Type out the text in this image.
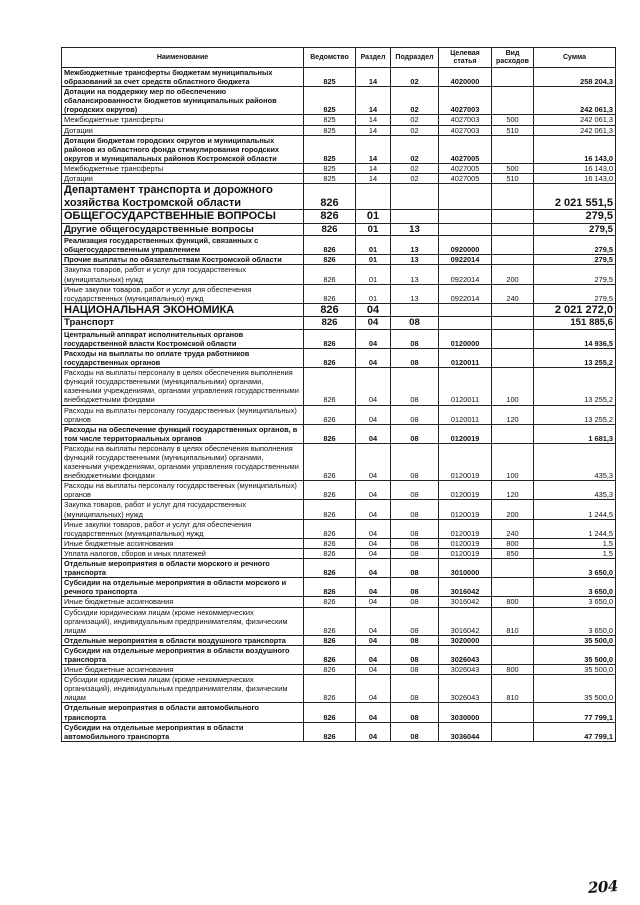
Наименование	Ведомство	Раздел	Подраздел	Целевая статья	Вид расходов	Сумма
Межбюджетные трансферты бюджетам муниципальных образований за счет средств областного бюджета	825	14	02	4020000		258 204,3
Дотации на поддержку мер по обеспечению сбалансированности бюджетов муниципальных районов (городских округов)	825	14	02	4027003		242 061,3
Межбюджетные трансферты	825	14	02	4027003	500	242 061,3
Дотации	825	14	02	4027003	510	242 061,3
Дотации бюджетам городских округов и муниципальных районов из областного фонда стимулирования городских округов и муниципальных районов Костромской области	825	14	02	4027005		16 143,0
Межбюджетные трансферты	825	14	02	4027005	500	16 143,0
Дотации	825	14	02	4027005	510	16 143,0
Департамент транспорта и дорожного хозяйства Костромской области	826					2 021 551,5
ОБЩЕГОСУДАРСТВЕННЫЕ ВОПРОСЫ	826	01				279,5
Другие общегосударственные вопросы	826	01	13			279,5
Реализация государственных функций, связанных с общегосударственным управлением	826	01	13	0920000		279,5
Прочие выплаты по обязательствам Костромской области	826	01	13	0922014		279,5
Закупка товаров, работ и услуг для государственных (муниципальных) нужд	826	01	13	0922014	200	279,5
Иные закупки товаров, работ и услуг для обеспечения государственных (муниципальных) нужд	826	01	13	0922014	240	279,5
НАЦИОНАЛЬНАЯ ЭКОНОМИКА	826	04				2 021 272,0
Транспорт	826	04	08			151 885,6
Центральный аппарат исполнительных органов государственной власти Костромской области	826	04	08	0120000		14 936,5
Расходы на выплаты по оплате труда работников государственных органов	826	04	08	0120011		13 255,2
Расходы на выплаты персоналу в целях обеспечения выполнения функций государственными (муниципальными) органами, казенными учреждениями, органами управления государственными внебюджетными фондами	826	04	08	0120011	100	13 255,2
Расходы на выплаты персоналу государственных (муниципальных) органов	826	04	08	0120011	120	13 255,2
Расходы на обеспечение функций государственных органов, в том числе территориальных органов	826	04	08	0120019		1 681,3
Расходы на выплаты персоналу в целях обеспечения выполнения функций государственными (муниципальными) органами, казенными учреждениями, органами управления государственными внебюджетными фондами	826	04	08	0120019	100	435,3
Расходы на выплаты персоналу государственных (муниципальных) органов	826	04	08	0120019	120	435,3
Закупка товаров, работ и услуг для государственных (муниципальных) нужд	826	04	08	0120019	200	1 244,5
Иные закупки товаров, работ и услуг для обеспечения государственных (муниципальных) нужд	826	04	08	0120019	240	1 244,5
Иные бюджетные ассигнования	826	04	08	0120019	800	1,5
Уплата налогов, сборов и иных платежей	826	04	08	0120019	850	1,5
Отдельные мероприятия в области морского и речного транспорта	826	04	08	3010000		3 650,0
Субсидии на отдельные мероприятия в области морского и речного транспорта	826	04	08	3016042		3 650,0
Иные бюджетные ассигнования	826	04	08	3016042	800	3 650,0
Субсидии юридическим лицам (кроме некоммерческих организаций), индивидуальным предпринимателям, физическим лицам	826	04	08	3016042	810	3 650,0
Отдельные мероприятия в области воздушного транспорта	826	04	08	3020000		35 500,0
Субсидии на отдельные мероприятия в области воздушного транспорта	826	04	08	3026043		35 500,0
Иные бюджетные ассигнования	826	04	08	3026043	800	35 500,0
Субсидии юридическим лицам (кроме некоммерческих организаций), индивидуальным предпринимателям, физическим лицам	826	04	08	3026043	810	35 500,0
Отдельные мероприятия в области автомобильного транспорта	826	04	08	3030000		77 799,1
Субсидии на отдельные мероприятия в области автомобильного транспорта	826	04	08	3036044		47 799,1
204
